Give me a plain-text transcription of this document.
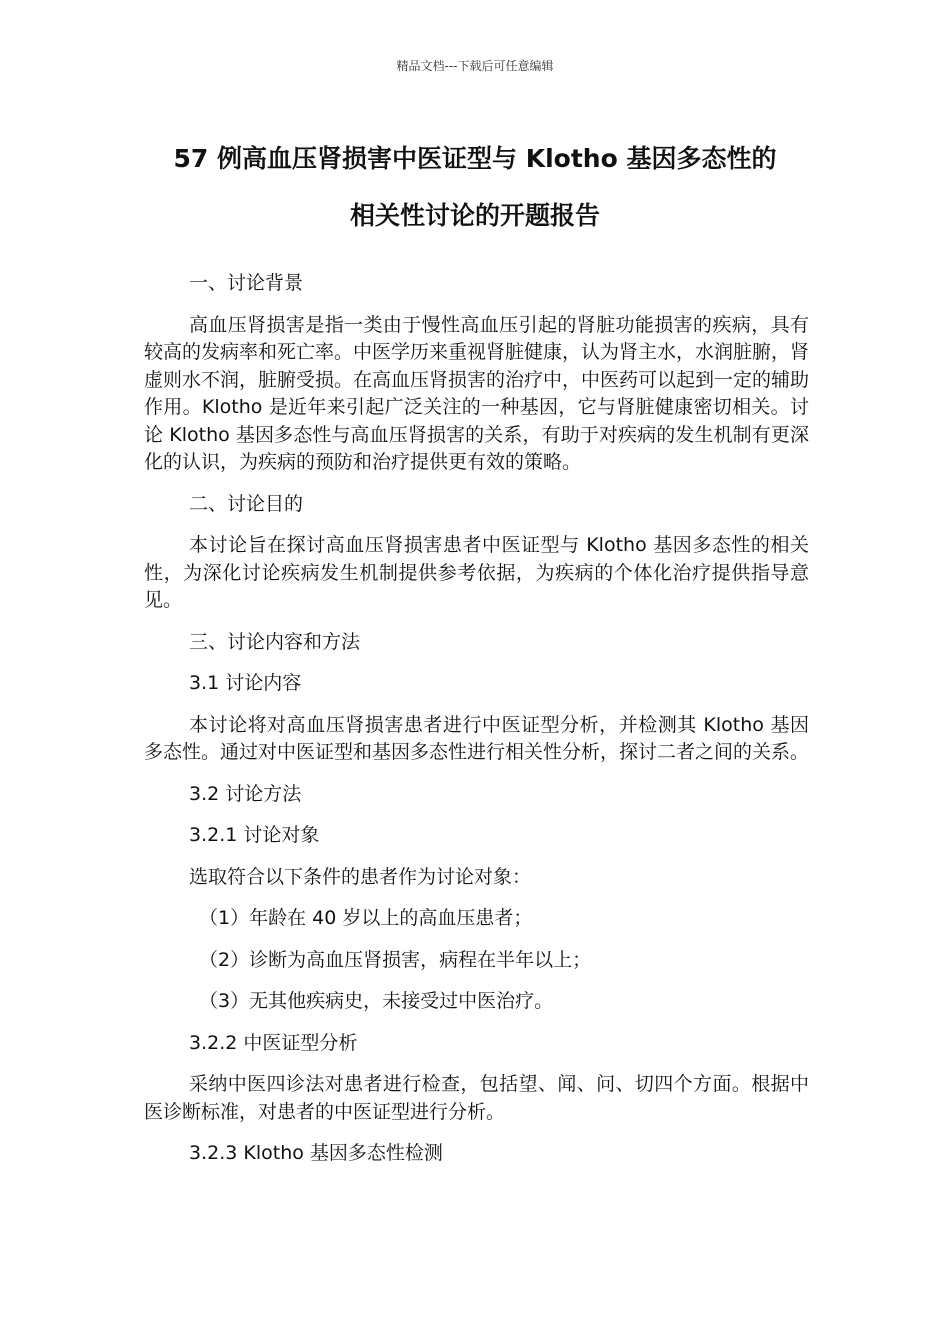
精品文档---下载后可任意编辑
57 例高血压肾损害中医证型与 Klotho 基因多态性的
相关性讨论的开题报告

一、讨论背景

高血压肾损害是指一类由于慢性高血压引起的肾脏功能损害的疾病，具有较高的发病率和死亡率。中医学历来重视肾脏健康，认为肾主水，水润脏腑，肾虚则水不润，脏腑受损。在高血压肾损害的治疗中，中医药可以起到一定的辅助作用。Klotho 是近年来引起广泛关注的一种基因，它与肾脏健康密切相关。讨论 Klotho 基因多态性与高血压肾损害的关系，有助于对疾病的发生机制有更深化的认识，为疾病的预防和治疗提供更有效的策略。

二、讨论目的

本讨论旨在探讨高血压肾损害患者中医证型与 Klotho 基因多态性的相关性，为深化讨论疾病发生机制提供参考依据，为疾病的个体化治疗提供指导意见。

三、讨论内容和方法

3.1 讨论内容

本讨论将对高血压肾损害患者进行中医证型分析，并检测其 Klotho 基因多态性。通过对中医证型和基因多态性进行相关性分析，探讨二者之间的关系。

3.2 讨论方法

3.2.1 讨论对象

选取符合以下条件的患者作为讨论对象：

（1）年龄在 40 岁以上的高血压患者；

（2）诊断为高血压肾损害，病程在半年以上；

（3）无其他疾病史，未接受过中医治疗。

3.2.2 中医证型分析

采纳中医四诊法对患者进行检查，包括望、闻、问、切四个方面。根据中医诊断标准，对患者的中医证型进行分析。

3.2.3 Klotho 基因多态性检测
